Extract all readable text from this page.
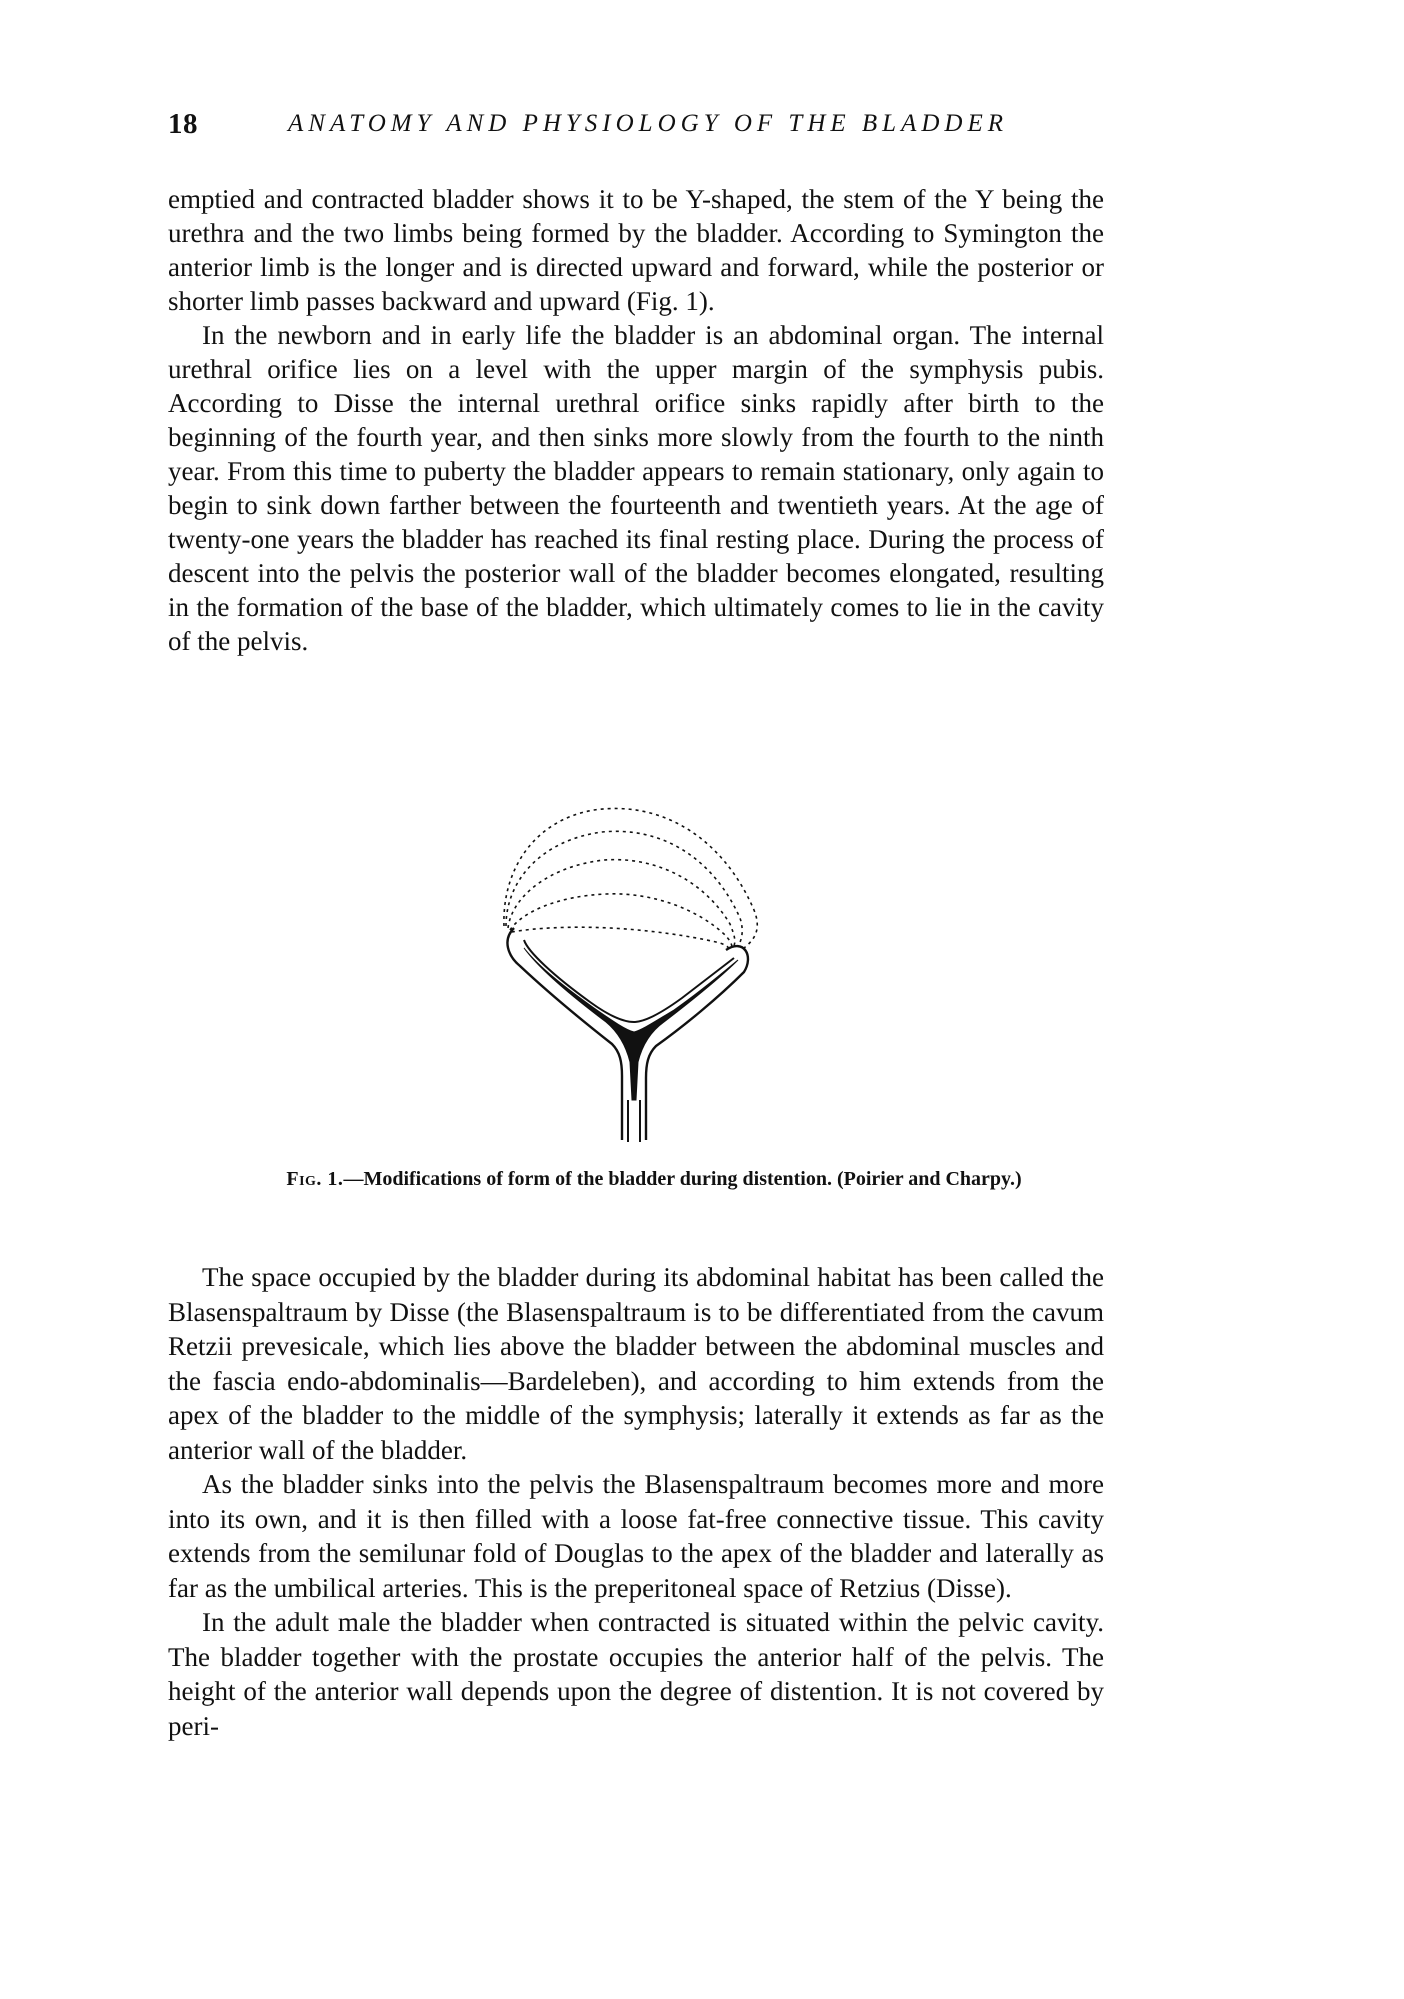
18	ANATOMY AND PHYSIOLOGY OF THE BLADDER

emptied and contracted bladder shows it to be Y-shaped, the stem of the Y being the urethra and the two limbs being formed by the bladder. According to Symington the anterior limb is the longer and is directed upward and forward, while the posterior or shorter limb passes backward and upward (Fig. 1).

In the newborn and in early life the bladder is an abdominal organ. The internal urethral orifice lies on a level with the upper margin of the symphysis pubis. According to Disse the internal urethral orifice sinks rapidly after birth to the beginning of the fourth year, and then sinks more slowly from the fourth to the ninth year. From this time to puberty the bladder appears to remain stationary, only again to begin to sink down farther between the fourteenth and twentieth years. At the age of twenty-one years the bladder has reached its final resting place. During the process of descent into the pelvis the posterior wall of the bladder becomes elongated, resulting in the formation of the base of the bladder, which ultimately comes to lie in the cavity of the pelvis.

Fig. 1.—Modifications of form of the bladder during distention. (Poirier and Charpy.)

The space occupied by the bladder during its abdominal habitat has been called the Blasenspaltraum by Disse (the Blasenspaltraum is to be differentiated from the cavum Retzii prevesicale, which lies above the bladder between the abdominal muscles and the fascia endo-abdominalis—Bardeleben), and according to him extends from the apex of the bladder to the middle of the symphysis; laterally it extends as far as the anterior wall of the bladder.

As the bladder sinks into the pelvis the Blasenspaltraum becomes more and more into its own, and it is then filled with a loose fat-free connective tissue. This cavity extends from the semilunar fold of Douglas to the apex of the bladder and laterally as far as the umbilical arteries. This is the preperitoneal space of Retzius (Disse).

In the adult male the bladder when contracted is situated within the pelvic cavity. The bladder together with the prostate occupies the anterior half of the pelvis. The height of the anterior wall depends upon the degree of distention. It is not covered by peri-
